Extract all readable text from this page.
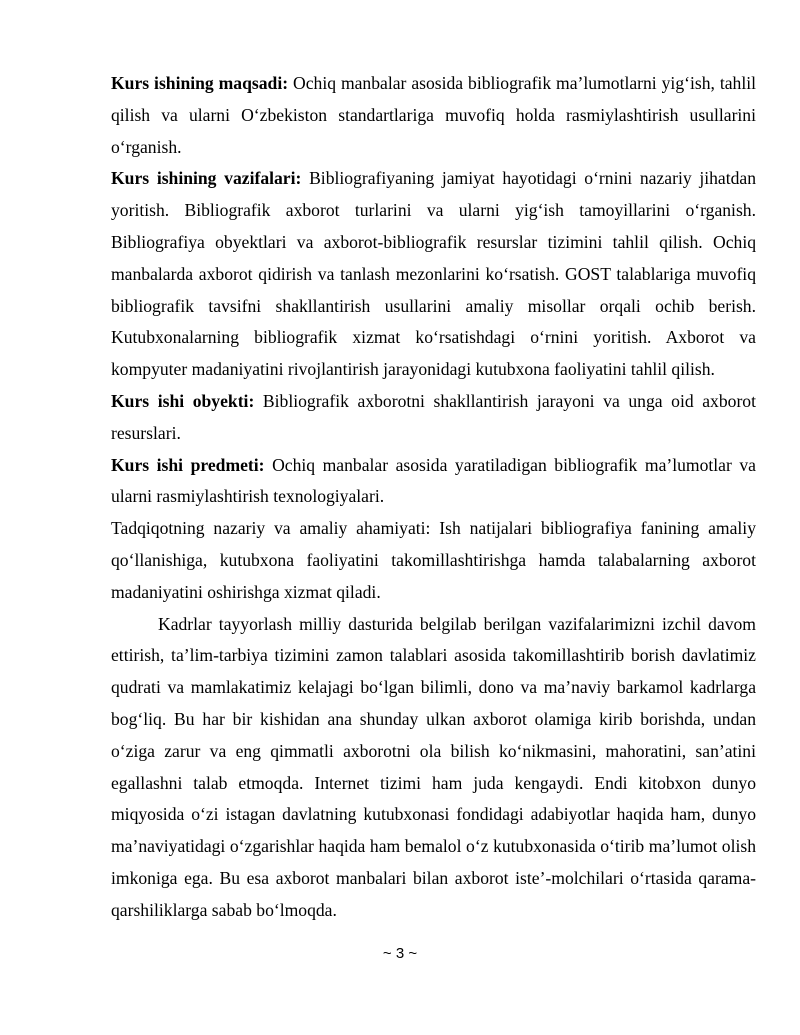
Kurs ishining maqsadi: Ochiq manbalar asosida bibliografik ma’lumotlarni yig‘ish, tahlil qilish va ularni O‘zbekiston standartlariga muvofiq holda rasmiylashtirish usullarini o‘rganish.

Kurs ishining vazifalari: Bibliografiyaning jamiyat hayotidagi o‘rnini nazariy jihatdan yoritish. Bibliografik axborot turlarini va ularni yig‘ish tamoyillarini o‘rganish. Bibliografiya obyektlari va axborot-bibliografik resurslar tizimini tahlil qilish. Ochiq manbalarda axborot qidirish va tanlash mezonlarini ko‘rsatish. GOST talablariga muvofiq bibliografik tavsifni shakllantirish usullarini amaliy misollar orqali ochib berish. Kutubxonalarning bibliografik xizmat ko‘rsatishdagi o‘rnini yoritish. Axborot va kompyuter madaniyatini rivojlantirish jarayonidagi kutubxona faoliyatini tahlil qilish.

Kurs ishi obyekti: Bibliografik axborotni shakllantirish jarayoni va unga oid axborot resurslari.

Kurs ishi predmeti: Ochiq manbalar asosida yaratiladigan bibliografik ma’lumotlar va ularni rasmiylashtirish texnologiyalari.

Tadqiqotning nazariy va amaliy ahamiyati: Ish natijalari bibliografiya fanining amaliy qo‘llanishiga, kutubxona faoliyatini takomillashtirishga hamda talabalarning axborot madaniyatini oshirishga xizmat qiladi.

Kadrlar tayyorlash milliy dasturida belgilab berilgan vazifalarimizni izchil davom ettirish, ta’lim-tarbiya tizimini zamon talablari asosida takomillashtirib borish davlatimiz qudrati va mamlakatimiz kelajagi bo‘lgan bilimli, dono va ma’naviy barkamol kadrlarga bog‘liq. Bu har bir kishidan ana shunday ulkan axborot olamiga kirib borishda, undan o‘ziga zarur va eng qimmatli axborotni ola bilish ko‘nikmasini, mahoratini, san’atini egallashni talab etmoqda. Internet tizimi ham juda kengaydi. Endi kitobxon dunyo miqyosida o‘zi istagan davlatning kutubxonasi fondidagi adabiyotlar haqida ham, dunyo ma’naviyatidagi o‘zgarishlar haqida ham bemalol o‘z kutubxonasida o‘tirib ma’lumot olish imkoniga ega. Bu esa axborot manbalari bilan axborot iste’-molchilari o‘rtasida qarama-qarshiliklarga sabab bo‘lmoqda.

~ 3 ~
